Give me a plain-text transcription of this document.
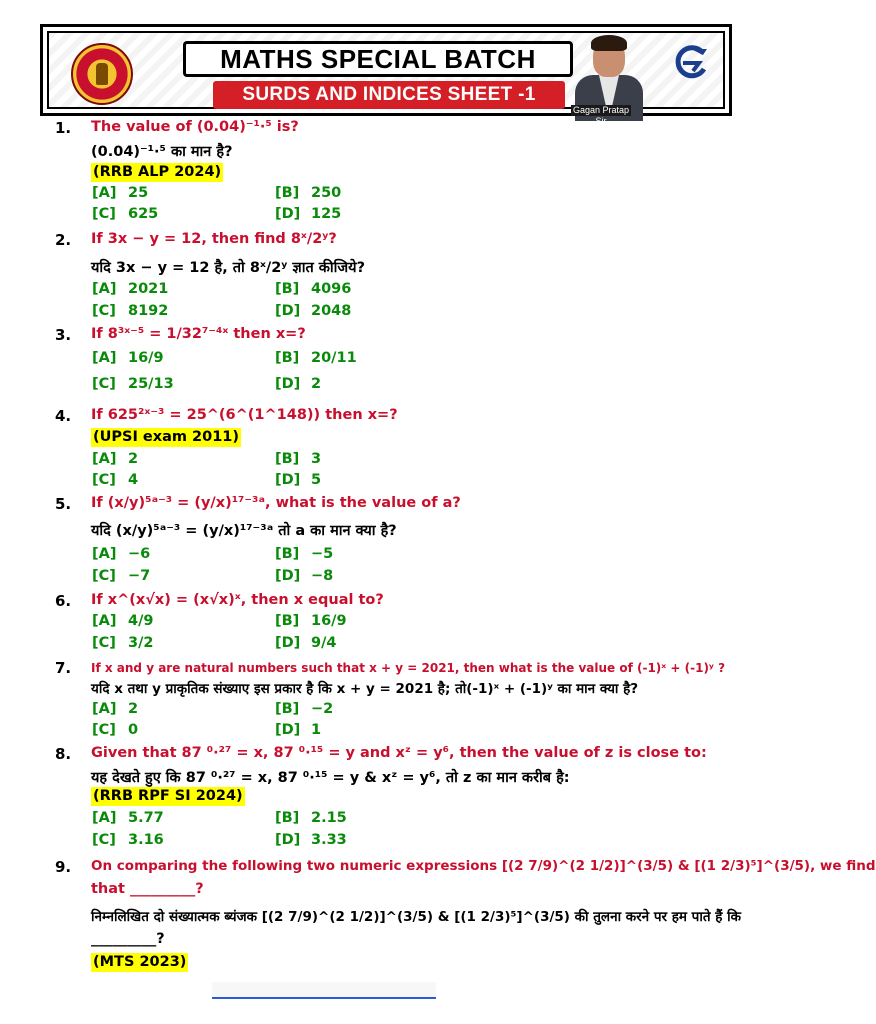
MATHS SPECIAL BATCH
SURDS AND INDICES SHEET -1
Gagan Pratap Sir
1. The value of (0.04)⁻¹·⁵ is?
(0.04)⁻¹·⁵ का मान है?
(RRB ALP 2024)
[A] 25	[B] 250
[C] 625	[D] 125
2. If 3x − y = 12, then find 8ˣ/2ʸ?
यदि 3x − y = 12 है, तो 8ˣ/2ʸ ज्ञात कीजिये?
[A] 2021	[B] 4096
[C] 8192	[D] 2048
3. If 8³ˣ⁻⁵ = 1/32⁷⁻⁴ˣ then x=?
[A] 16/9	[B] 20/11
[C] 25/13	[D] 2
4. If 625²ˣ⁻³ = 25^(6^(1^148)) then x=?
(UPSI exam 2011)
[A] 2	[B] 3
[C] 4	[D] 5
5. If (x/y)⁵ᵃ⁻³ = (y/x)¹⁷⁻³ᵃ, what is the value of a?
यदि (x/y)⁵ᵃ⁻³ = (y/x)¹⁷⁻³ᵃ तो a का मान क्या है?
[A] −6	[B] −5
[C] −7	[D] −8
6. If x^(x√x) = (x√x)ˣ, then x equal to?
[A] 4/9	[B] 16/9
[C] 3/2	[D] 9/4
7. If x and y are natural numbers such that x + y = 2021, then what is the value of (-1)ˣ + (-1)ʸ ?
यदि x तथा y प्राकृतिक संख्याए इस प्रकार है कि x + y = 2021 है; तो(-1)ˣ + (-1)ʸ का मान क्या है?
[A] 2	[B] −2
[C] 0	[D] 1
8. Given that 87 ⁰·²⁷ = x, 87 ⁰·¹⁵ = y and xᶻ = y⁶, then the value of z is close to:
यह देखते हुए कि 87 ⁰·²⁷ = x, 87 ⁰·¹⁵ = y & xᶻ = y⁶, तो z का मान करीब है:
(RRB RPF SI 2024)
[A] 5.77	[B] 2.15
[C] 3.16	[D] 3.33
9. On comparing the following two numeric expressions [(2 7/9)^(2 1/2)]^(3/5) & [(1 2/3)⁵]^(3/5), we find
that _________?
निम्नलिखित दो संख्यात्मक ब्यंजक [(2 7/9)^(2 1/2)]^(3/5) & [(1 2/3)⁵]^(3/5) की तुलना करने पर हम पाते हैं कि
_________?
(MTS 2023)
